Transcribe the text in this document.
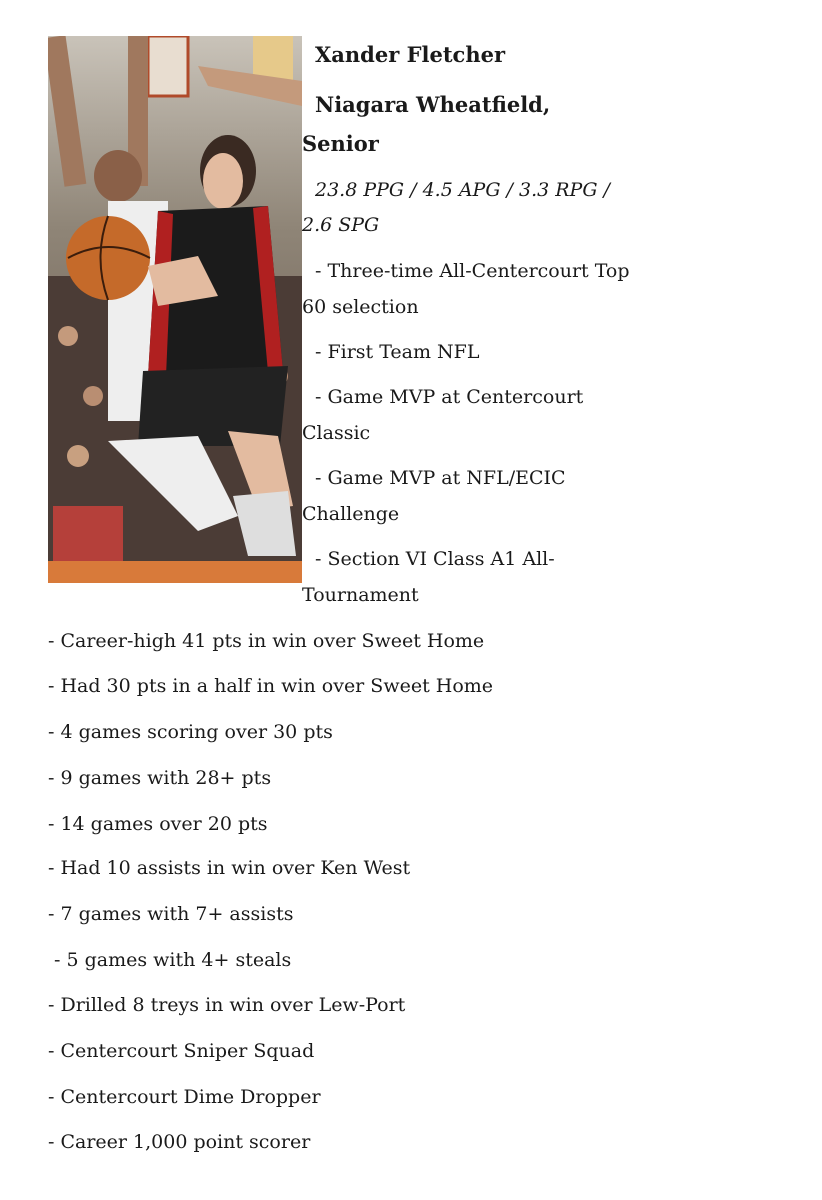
Xander Fletcher
Niagara Wheatfield,
Senior
23.8 PPG / 4.5 APG / 3.3 RPG /
2.6 SPG
- Three-time All-Centercourt Top
60 selection
- First Team NFL
- Game MVP at Centercourt
Classic
- Game MVP at NFL/ECIC
Challenge
- Section VI Class A1 All-
Tournament
- Career-high 41 pts in win over Sweet Home
- Had 30 pts in a half in win over Sweet Home
- 4 games scoring over 30 pts
- 9 games with 28+ pts
- 14 games over 20 pts
- Had 10 assists in win over Ken West
- 7 games with 7+ assists
- 5 games with 4+ steals
- Drilled 8 treys in win over Lew-Port
- Centercourt Sniper Squad
- Centercourt Dime Dropper
- Career 1,000 point scorer
